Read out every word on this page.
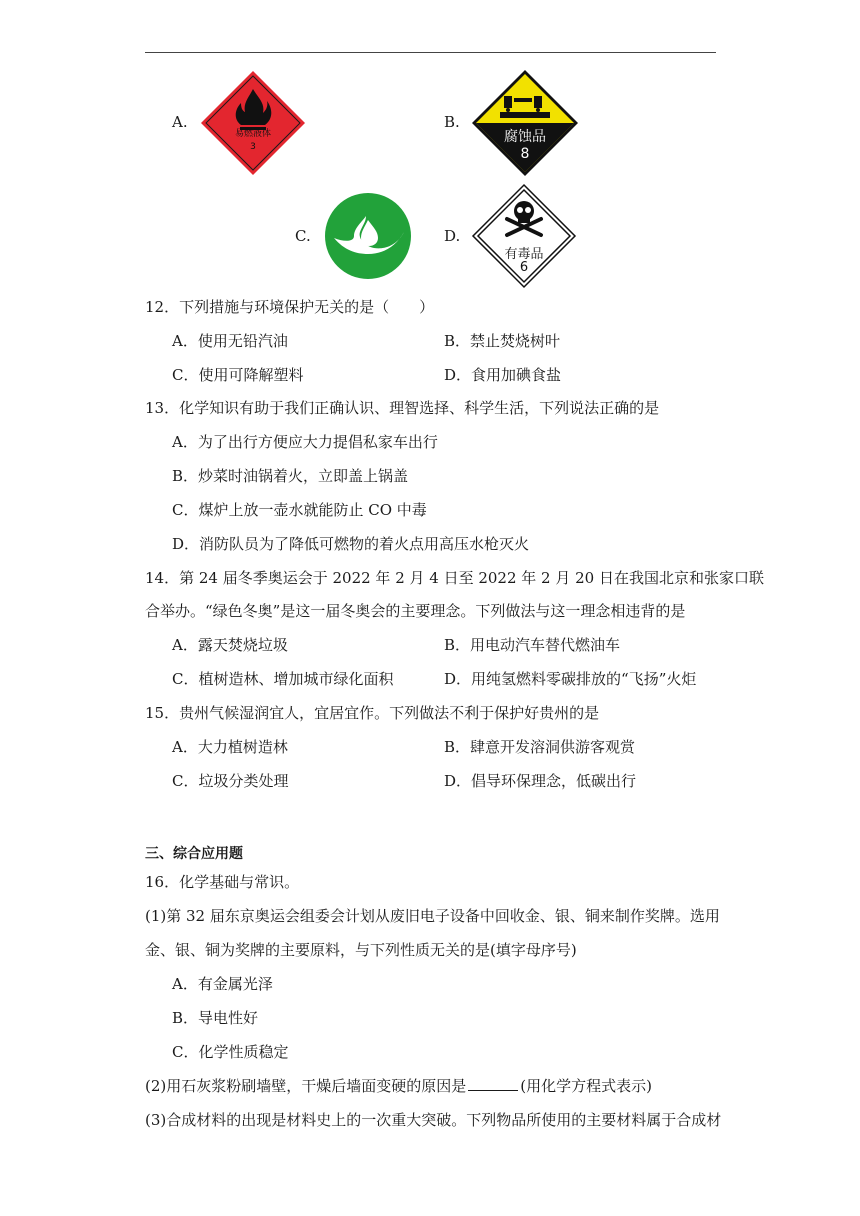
A.
易燃液体
3
B.
腐蚀品
8
C.	D.
有毒品
6
12．下列措施与环境保护无关的是（　　）
A．使用无铅汽油	B．禁止焚烧树叶
C．使用可降解塑料	D．食用加碘食盐
13．化学知识有助于我们正确认识、理智选择、科学生活，下列说法正确的是
A．为了出行方便应大力提倡私家车出行
B．炒菜时油锅着火，立即盖上锅盖
C．煤炉上放一壶水就能防止 CO 中毒
D．消防队员为了降低可燃物的着火点用高压水枪灭火
14．第 24 届冬季奥运会于 2022 年 2 月 4 日至 2022 年 2 月 20 日在我国北京和张家口联
合举办。“绿色冬奥”是这一届冬奥会的主要理念。下列做法与这一理念相违背的是
A．露天焚烧垃圾	B．用电动汽车替代燃油车
C．植树造林、增加城市绿化面积	D．用纯氢燃料零碳排放的“飞扬”火炬
15．贵州气候湿润宜人，宜居宜作。下列做法不利于保护好贵州的是
A．大力植树造林	B．肆意开发溶洞供游客观赏
C．垃圾分类处理	D．倡导环保理念，低碳出行
三、综合应用题
16．化学基础与常识。
(1)第 32 届东京奥运会组委会计划从废旧电子设备中回收金、银、铜来制作奖牌。选用
金、银、铜为奖牌的主要原料，与下列性质无关的是(填字母序号)
A．有金属光泽
B．导电性好
C．化学性质稳定
(2)用石灰浆粉刷墙壁，干燥后墙面变硬的原因是	(用化学方程式表示)
(3)合成材料的出现是材料史上的一次重大突破。下列物品所使用的主要材料属于合成材
